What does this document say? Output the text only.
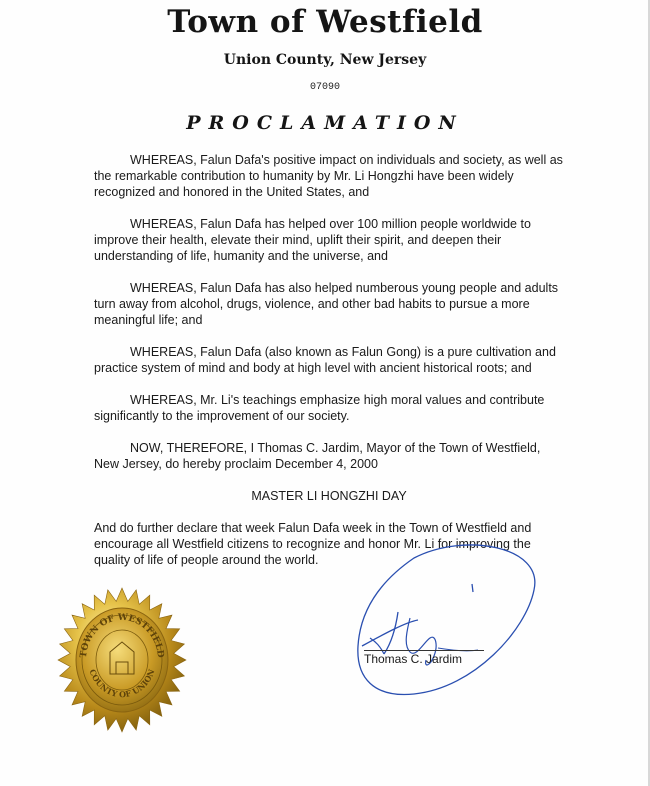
Town of Westfield
Union County, New Jersey
07090
PROCLAMATION

WHEREAS, Falun Dafa's positive impact on individuals and society, as well as the remarkable contribution to humanity by Mr. Li Hongzhi have been widely recognized and honored in the United States, and

WHEREAS, Falun Dafa has helped over 100 million people worldwide to improve their health, elevate their mind, uplift their spirit, and deepen their understanding of life, humanity and the universe, and

WHEREAS, Falun Dafa has also helped numberous young people and adults turn away from alcohol, drugs, violence, and other bad habits to pursue a more meaningful life; and

WHEREAS, Falun Dafa (also known as Falun Gong) is a pure cultivation and practice system of mind and body at high level with ancient historical roots; and

WHEREAS, Mr. Li's teachings emphasize high moral values and contribute significantly to the improvement of our society.

NOW, THEREFORE, I Thomas C. Jardim, Mayor of the Town of Westfield, New Jersey, do hereby proclaim December 4, 2000

MASTER LI HONGZHI DAY

And do further declare that week Falun Dafa week in the Town of Westfield and encourage all Westfield citizens to recognize and honor Mr. Li for improving the quality of life of people around the world.

TOWN OF WESTFIELD
COUNTY OF UNION
Thomas C. Jardim
